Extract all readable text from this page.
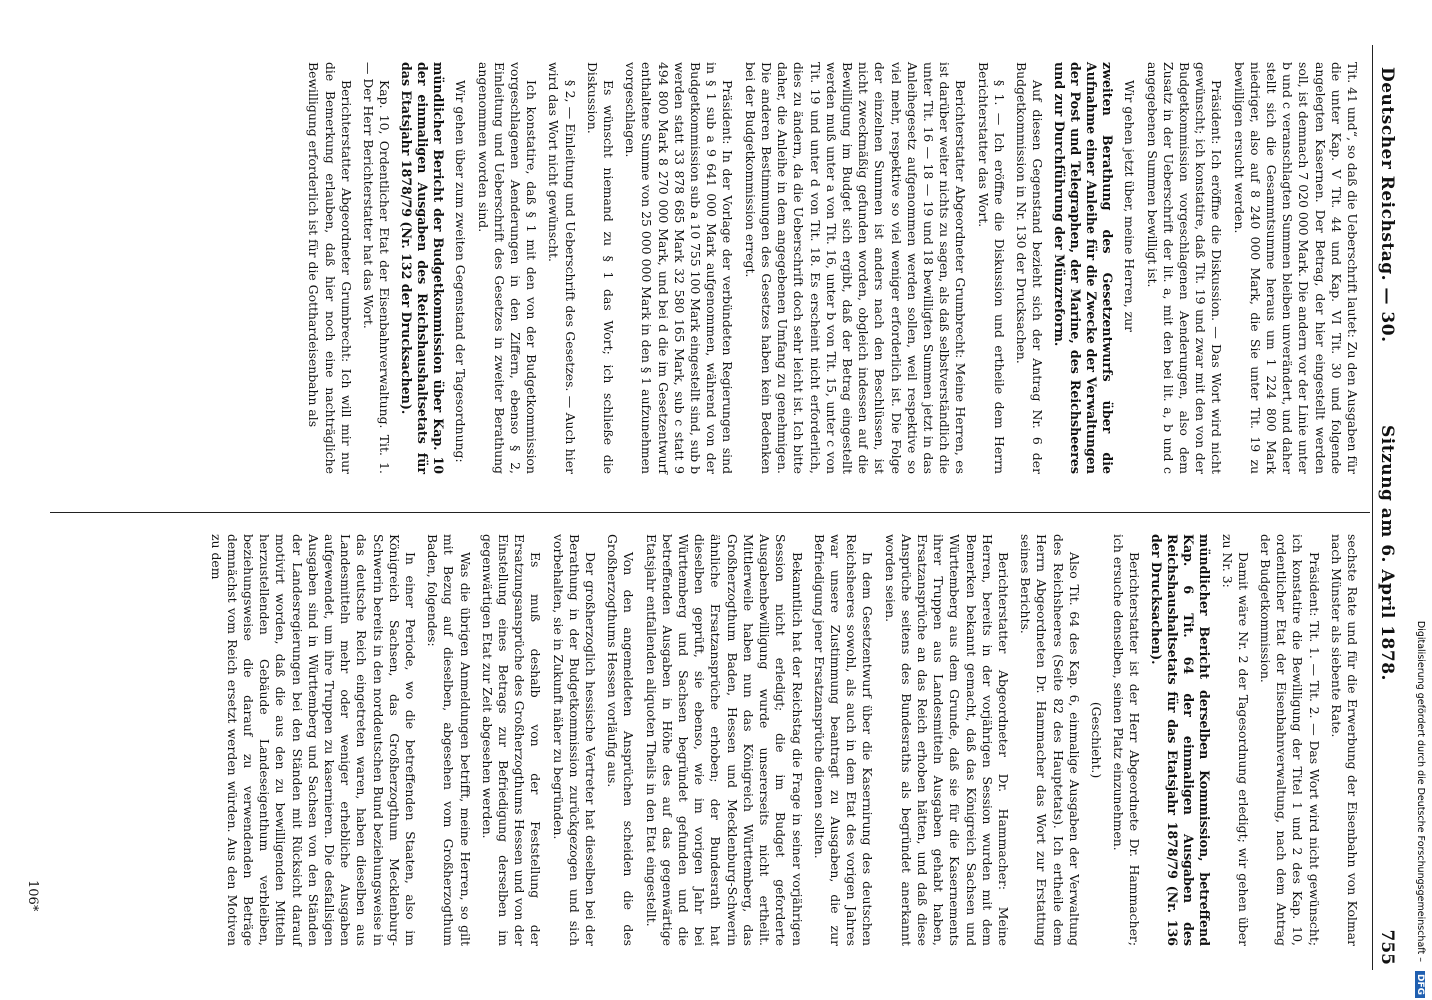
Deutscher Reichstag. — 30.
Sitzung am 6. April 1878.
755

Tit. 41 und“, so daß die Ueberschrift lautet: Zu den Ausgaben für die unter Kap. V Tit. 44 und Kap. VI Tit. 30 und folgende angelegten Kasernen. Der Betrag, der hier eingestellt werden soll, ist demnach 7 020 000 Mark. Die andern vor der Linie unter b und c veranschlagten Summen bleiben unverändert, und daher stellt sich die Gesammtsumme heraus um 1 224 800 Mark niedriger, also auf 8 240 000 Mark, die Sie unter Tit. 19 zu bewilligen ersucht werden.

Präsident: Ich eröffne die Diskussion. — Das Wort wird nicht gewünscht; ich konstatire, daß Tit. 19 und zwar mit den von der Budgetkommission vorgeschlagenen Aenderungen, also dem Zusatz in der Ueberschrift der lit. a, mit den bei lit. a, b und c angegebenen Summen bewilligt ist.

Wir gehen jetzt über, meine Herren, zur

zweiten Berathung des Gesetzentwurfs über die Aufnahme einer Anleihe für die Zwecke der Verwaltungen der Post und Telegraphen, der Marine, des Reichsheeres und zur Durchführung der Münzreform.

Auf diesen Gegenstand bezieht sich der Antrag Nr. 6 der Budgetkommission in Nr. 130 der Drucksachen.

§ 1. — Ich eröffne die Diskussion und ertheile dem Herrn Berichterstatter das Wort.

Berichterstatter Abgeordneter Grumbrecht: Meine Herren, es ist darüber weiter nichts zu sagen, als daß selbstverständlich die unter Tit. 16 — 18 — 19 und 18 bewilligten Summen jetzt in das Anleihegesetz aufgenommen werden sollen, weil respektive so viel mehr, respektive so viel weniger erforderlich ist. Die Folge der einzelnen Summen ist anders nach den Beschlüssen, ist nicht zweckmäßig gefunden worden, obgleich indessen auf die Bewilligung im Budget sich ergibt, daß der Betrag eingestellt werden muß unter a von Tit. 16, unter b von Tit. 15, unter c von Tit. 19 und unter d von Tit. 18. Es erscheint nicht erforderlich, dies zu ändern, da die Ueberschrift doch sehr leicht ist. Ich bitte daher, die Anleihe in dem angegebenen Umfang zu genehmigen. Die anderen Bestimmungen des Gesetzes haben kein Bedenken bei der Budgetkommission erregt.

Präsident: In der Vorlage der verbündeten Regierungen sind in § 1 sub a 9 641 000 Mark aufgenommen, während von der Budgetkommission sub a 10 755 100 Mark eingestellt sind, sub b werden statt 33 878 685 Mark 32 580 165 Mark, sub c statt 9 494 800 Mark 8 270 000 Mark, und bei d die im Gesetzentwurf enthaltene Summe von 25 000 000 Mark in den § 1 aufzunehmen vorgeschlagen.

Es wünscht niemand zu § 1 das Wort; ich schließe die Diskussion.

§ 2, — Einleitung und Ueberschrift des Gesetzes. — Auch hier wird das Wort nicht gewünscht.

Ich konstatire, daß § 1 mit den von der Budgetkommission vorgeschlagenen Aenderungen in den Ziffern, ebenso § 2, Einleitung und Ueberschrift des Gesetzes in zweiter Berathung angenommen worden sind.

Wir gehen über zum zweiten Gegenstand der Tagesordnung:

mündlicher Bericht der Budgetkommission über Kap. 10 der einmaligen Ausgaben des Reichshaushaltsetats für das Etatsjahr 1878/79 (Nr. 132 der Drucksachen).

Kap. 10, Ordentlicher Etat der Eisenbahnverwaltung. Tit. 1. — Der Herr Berichterstatter hat das Wort.

Berichterstatter Abgeordneter Grumbrecht: Ich will mir nur die Bemerkung erlauben, daß hier noch eine nachträgliche Bewilligung erforderlich ist für die Gotthardeisenbahn als

sechste Rate und für die Erwerbung der Eisenbahn von Kolmar nach Münster als siebente Rate.

Präsident: Tit. 1. — Tit. 2. — Das Wort wird nicht gewünscht; ich konstatire die Bewilligung der Titel 1 und 2 des Kap. 10, ordentlicher Etat der Eisenbahnverwaltung, nach dem Antrag der Budgetkommission.

Damit wäre Nr. 2 der Tagesordnung erledigt; wir gehen über zu Nr. 3:

mündlicher Bericht derselben Kommission, betreffend Kap. 6 Tit. 64 der einmaligen Ausgaben des Reichshaushaltsetats für das Etatsjahr 1878/79 (Nr. 136 der Drucksachen).

Berichterstatter ist der Herr Abgeordnete Dr. Hammacher; ich ersuche denselben, seinen Platz einzunehmen.

(Geschieht.)

Also Tit. 64 des Kap. 6, einmalige Ausgaben der Verwaltung des Reichsheeres (Seite 82 des Hauptetats). Ich ertheile dem Herrn Abgeordneten Dr. Hammacher das Wort zur Erstattung seines Berichts.

Berichterstatter Abgeordneter Dr. Hammacher: Meine Herren, bereits in der vorjährigen Session wurden mit dem Bemerken bekannt gemacht, daß das Königreich Sachsen und Württemberg aus dem Grunde, daß sie für die Kasernements ihrer Truppen aus Landesmitteln Ausgaben gehabt haben, Ersatzansprüche an das Reich erhoben hätten, und daß diese Ansprüche seitens des Bundesraths als begründet anerkannt worden seien.

In dem Gesetzentwurf über die Kasernirung des deutschen Reichsheeres sowohl, als auch in dem Etat des vorigen Jahres war unsere Zustimmung beantragt zu Ausgaben, die zur Befriedigung jener Ersatzansprüche dienen sollten.

Bekanntlich hat der Reichstag die Frage in seiner vorjährigen Session nicht erledigt; die im Budget geforderte Ausgabenbewilligung wurde unsererseits nicht ertheilt. Mittlerweile haben nun das Königreich Württemberg, das Großherzogthum Baden, Hessen und Mecklenburg-Schwerin ähnliche Ersatzansprüche erhoben; der Bundesrath hat dieselben geprüft, sie ebenso, wie im vorigen Jahr bei Württemberg und Sachsen begründet gefunden und die betreffenden Ausgaben in Höhe des auf das gegenwärtige Etatsjahr entfallenden aliquoten Theils in den Etat eingestellt.

Von den angemeldeten Ansprüchen scheiden die des Großherzogthums Hessen vorläufig aus.

Der großherzoglich hessische Vertreter hat dieselben bei der Berathung in der Budgetkommission zurückgezogen und sich vorbehalten, sie in Zukunft näher zu begründen.

Es muß deshalb von der Feststellung der Ersatzungsansprüche des Großherzogthums Hessen und von der Einstellung eines Betrags zur Befriedigung derselben im gegenwärtigen Etat zur Zeit abgesehen werden.

Was die übrigen Anmeldungen betrifft, meine Herren, so gilt mit Bezug auf dieselben, abgesehen vom Großherzogthum Baden, folgendes:

In einer Periode, wo die betreffenden Staaten, also im Königreich Sachsen, das Großherzogthum Mecklenburg-Schwerin bereits in den norddeutschen Bund beziehungsweise in das deutsche Reich eingetreten waren, haben dieselben aus Landesmitteln mehr oder weniger erhebliche Ausgaben aufgewendet, um ihre Truppen zu kasernieren. Die desfallsigen Ausgaben sind in Württemberg und Sachsen von den Ständen der Landesregierungen bei den Ständen mit Rücksicht darauf motivirt worden, daß die aus den zu bewilligenden Mitteln herzustellenden Gebäude Landeseigenthum verbleiben, beziehungsweise die darauf zu verwendenden Beträge demnächst vom Reich ersetzt werden würden. Aus den Motiven zu dem

106*	Digitalisierung gefördert durch die Deutsche Forschungsgemeinschaft – DFG
